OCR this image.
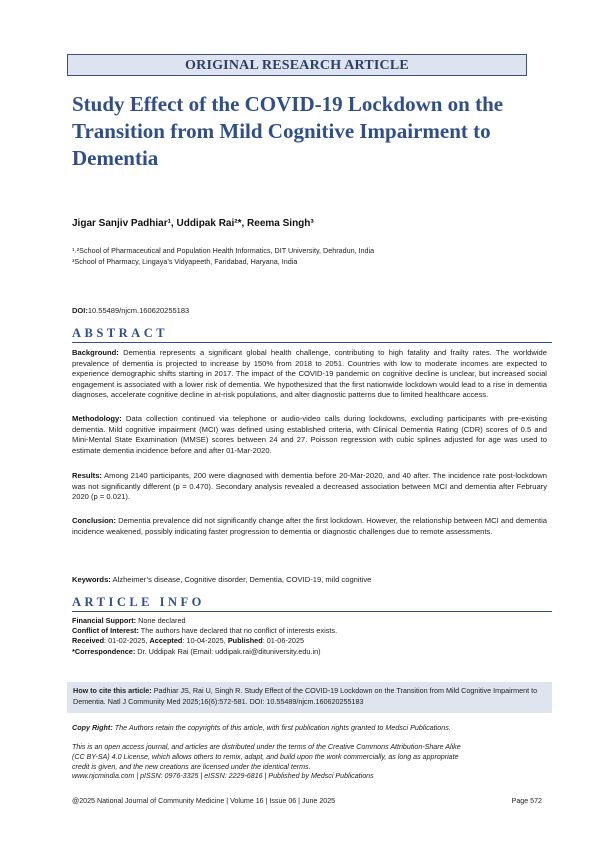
ORIGINAL RESEARCH ARTICLE
Study Effect of the COVID-19 Lockdown on the
Transition from Mild Cognitive Impairment to
Dementia
Jigar Sanjiv Padhiar¹, Uddipak Rai²*, Reema Singh³
¹˒²School of Pharmaceutical and Population Health Informatics, DIT University, Dehradun, India
³School of Pharmacy, Lingaya’s Vidyapeeth, Faridabad, Haryana, India
DOI:10.55489/njcm.160620255183
ABSTRACT
Background: Dementia represents a significant global health challenge, contributing to high fatality and frailty rates. The worldwide prevalence of dementia is projected to increase by 150% from 2018 to 2051. Countries with low to moderate incomes are expected to experience demographic shifts starting in 2017. The impact of the COVID-19 pandemic on cognitive decline is unclear, but increased social engagement is associated with a lower risk of dementia. We hypothesized that the first nationwide lockdown would lead to a rise in dementia diagnoses, accelerate cognitive decline in at-risk populations, and alter diagnostic patterns due to limited healthcare access.
Methodology: Data collection continued via telephone or audio-video calls during lockdowns, excluding participants with pre-existing dementia. Mild cognitive impairment (MCI) was defined using established criteria, with Clinical Dementia Rating (CDR) scores of 0.5 and Mini-Mental State Examination (MMSE) scores between 24 and 27. Poisson regression with cubic splines adjusted for age was used to estimate dementia incidence before and after 01-Mar-2020.
Results: Among 2140 participants, 200 were diagnosed with dementia before 20-Mar-2020, and 40 after. The incidence rate post-lockdown was not significantly different (p = 0.470). Secondary analysis revealed a decreased association between MCI and dementia after February 2020 (p = 0.021).
Conclusion: Dementia prevalence did not significantly change after the first lockdown. However, the relationship between MCI and dementia incidence weakened, possibly indicating faster progression to dementia or diagnostic challenges due to remote assessments.
Keywords: Alzheimer’s disease, Cognitive disorder, Dementia, COVID-19, mild cognitive
ARTICLE INFO
Financial Support: None declared
Conflict of Interest: The authors have declared that no conflict of interests exists.
Received: 01-02-2025, Accepted: 10-04-2025, Published: 01-06-2025
*Correspondence: Dr. Uddipak Rai (Email: uddipak.rai@dituniversity.edu.in)
How to cite this article: Padhiar JS, Rai U, Singh R. Study Effect of the COVID-19 Lockdown on the Transition from Mild Cognitive Impairment to Dementia. Natl J Community Med 2025;16(6):572-581. DOI: 10.55489/njcm.160620255183
Copy Right: The Authors retain the copyrights of this article, with first publication rights granted to Medsci Publications.
This is an open access journal, and articles are distributed under the terms of the Creative Commons Attribution-Share Alike
(CC BY-SA) 4.0 License, which allows others to remix, adapt, and build upon the work commercially, as long as appropriate
credit is given, and the new creations are licensed under the identical terms.
www.njcmindia.com | pISSN: 0976-3325 | eISSN: 2229-6816 | Published by Medsci Publications
@2025 National Journal of Community Medicine | Volume 16 | Issue 06 | June 2025	Page 572
